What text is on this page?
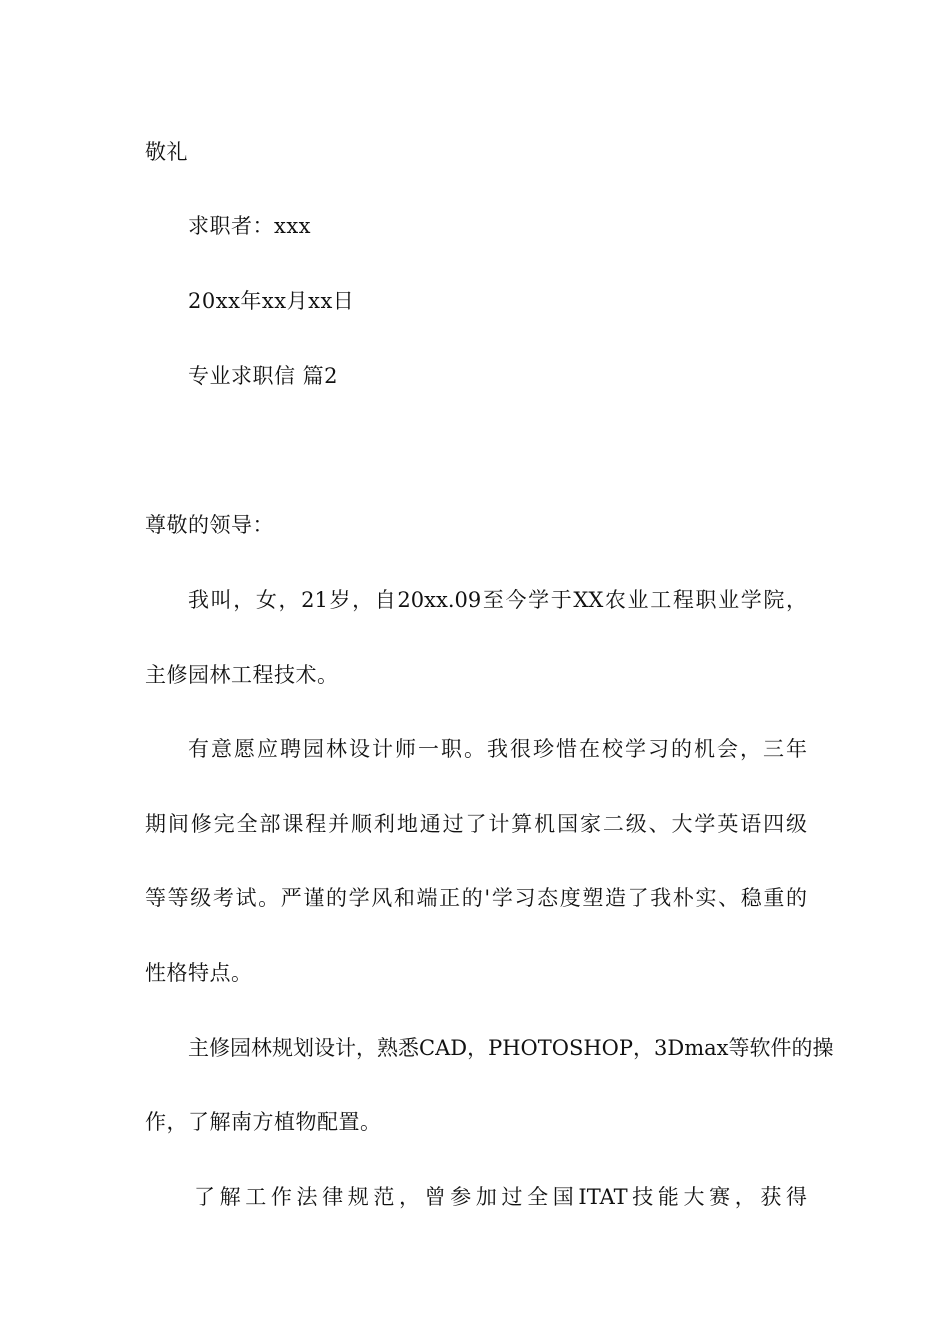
敬礼
求职者：xxx
20xx年xx月xx日
专业求职信 篇2
尊敬的领导：
我叫，女，21岁，自20xx.09至今学于XX农业工程职业学院，
主修园林工程技术。
有意愿应聘园林设计师一职。我很珍惜在校学习的机会，三年
期间修完全部课程并顺利地通过了计算机国家二级、大学英语四级
等等级考试。严谨的学风和端正的'学习态度塑造了我朴实、稳重的
性格特点。
主修园林规划设计，熟悉CAD，PHOTOSHOP，3Dmax等软件的操
作，了解南方植物配置。
了解工作法律规范，曾参加过全国ITAT技能大赛，获得
